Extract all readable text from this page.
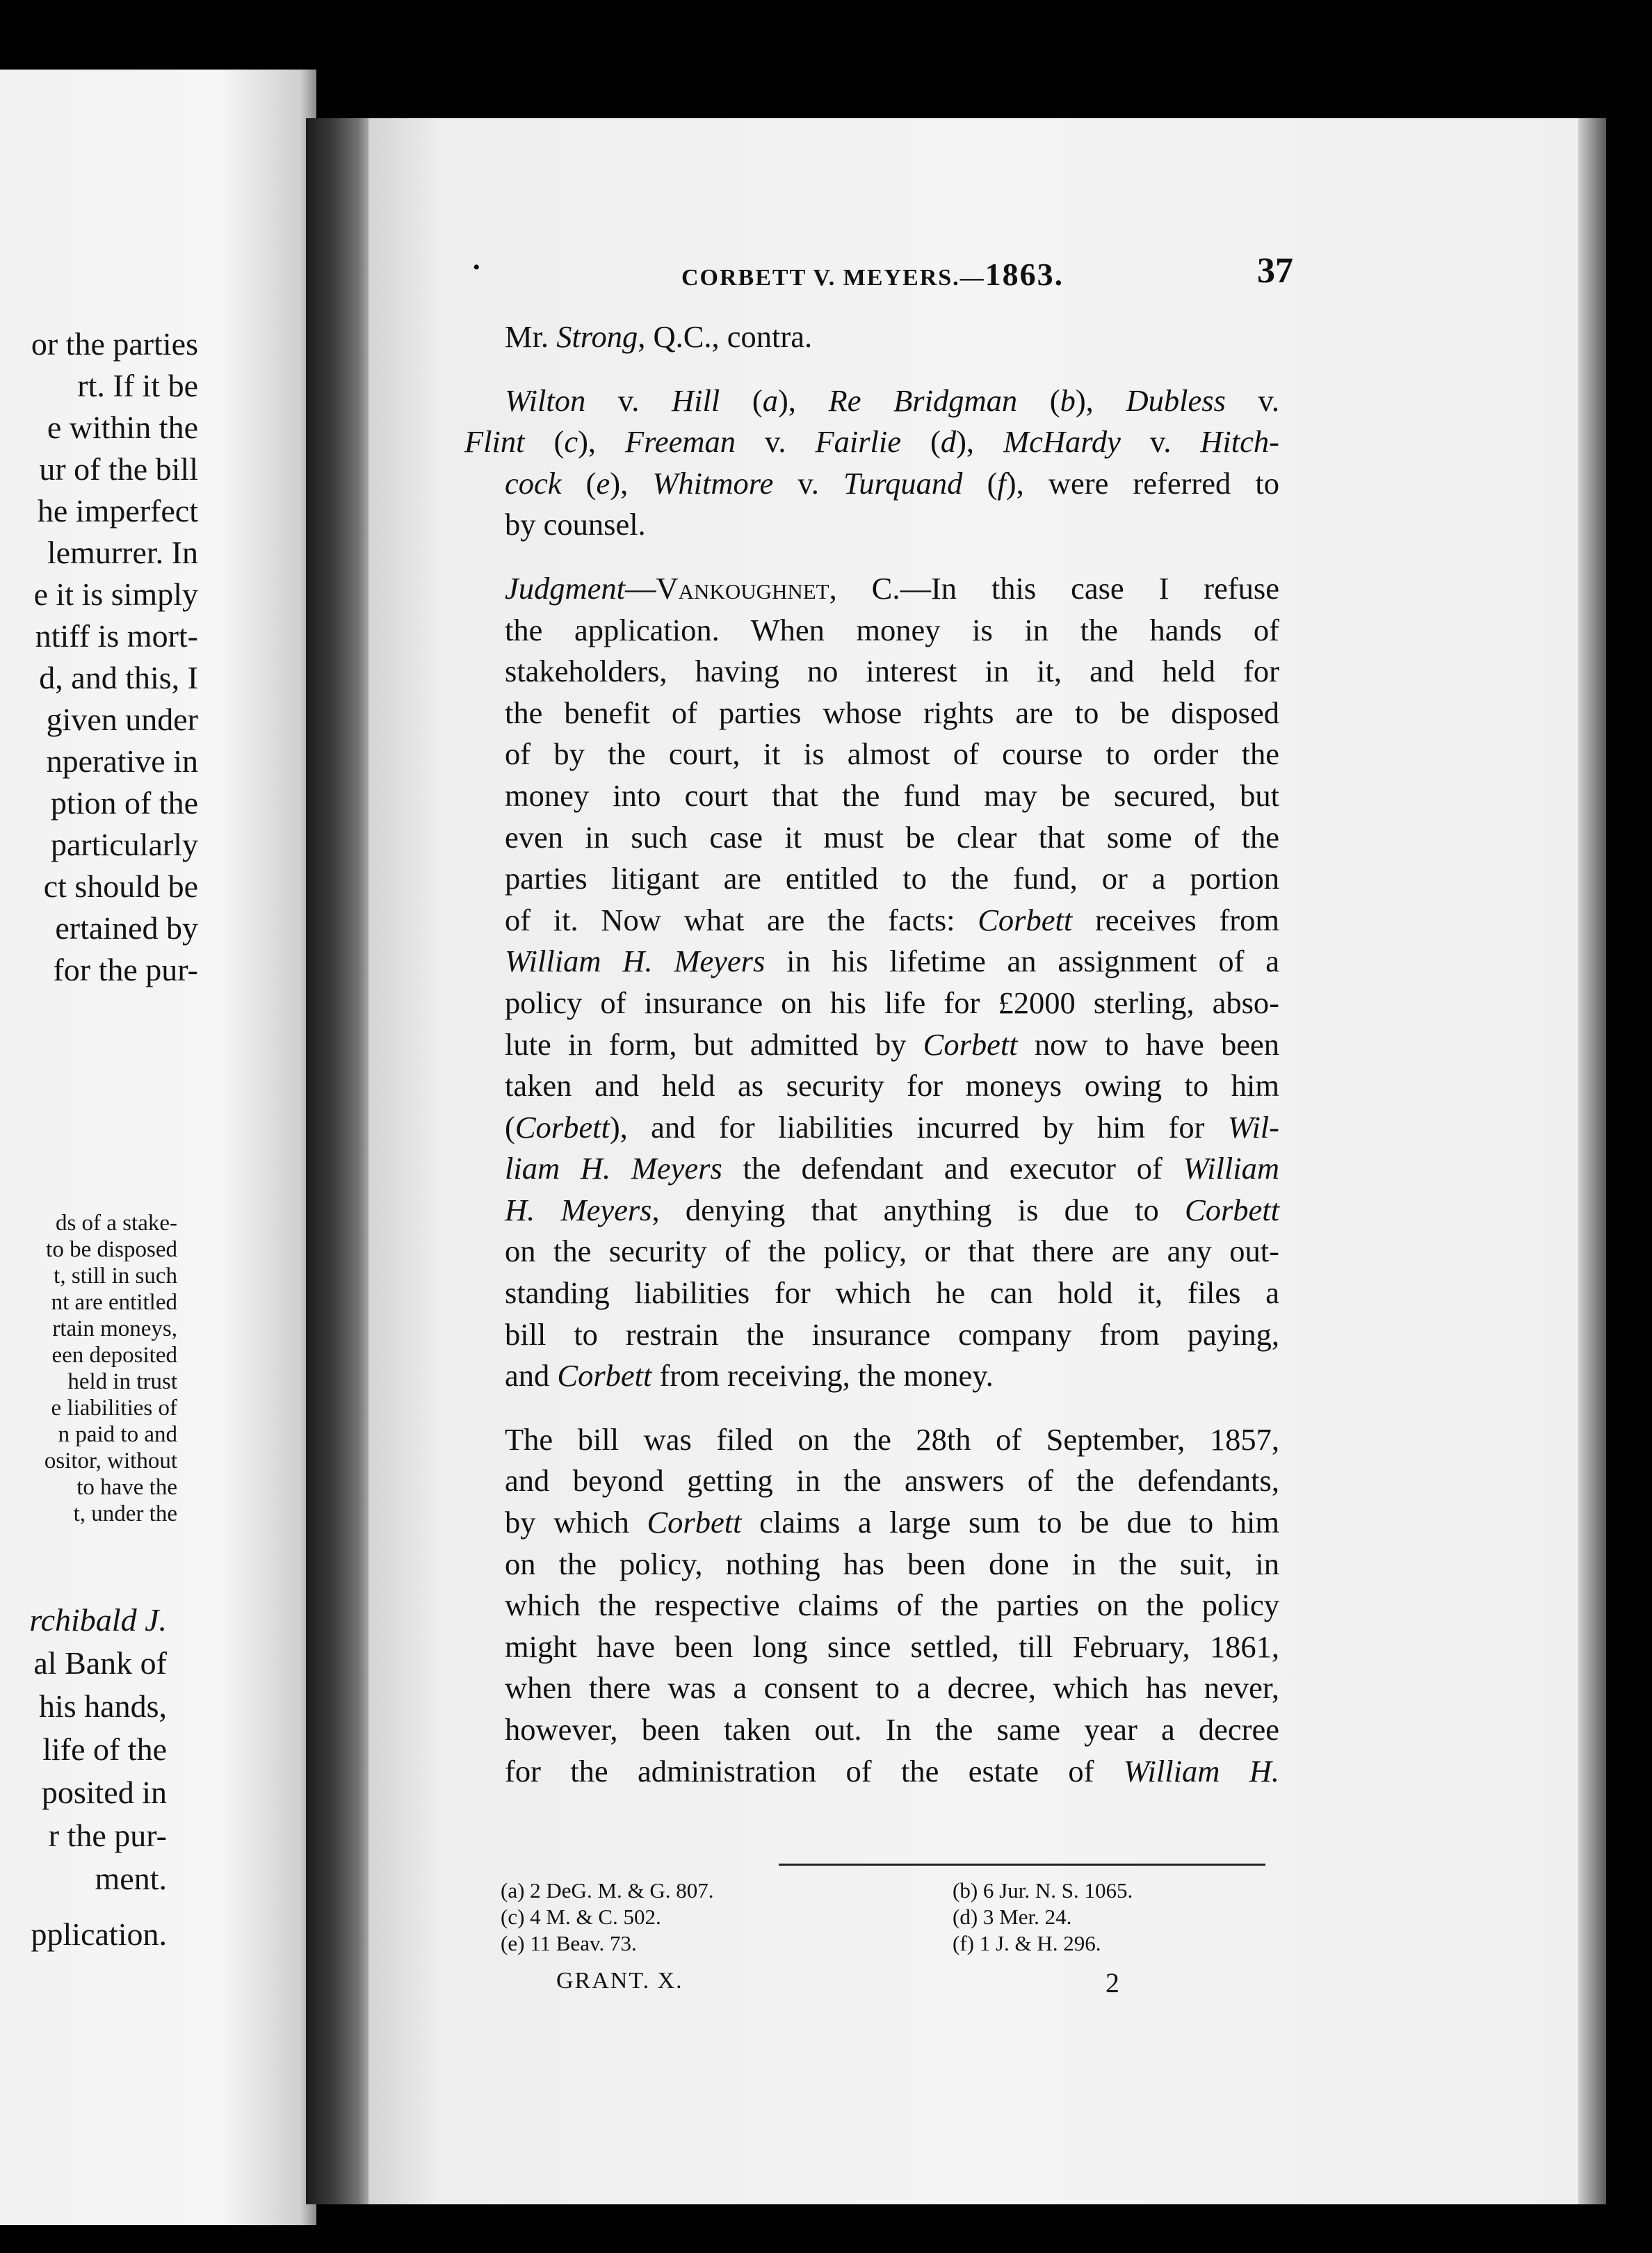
or the parties
rt. If it be
e within the
ur of the bill
he imperfect
lemurrer. In
e it is simply
ntiff is mort-
d, and this, I
given under
nperative in
ption of the
particularly
ct should be
ertained by
for the pur-
ds of a stake-
to be disposed
t, still in such
nt are entitled
rtain moneys,
een deposited
held in trust
e liabilities of
n paid to and
ositor, without
to have the
t, under the
rchibald J.
al Bank of
his hands,
life of the
posited in
r the pur-
ment.
pplication.
•	CORBETT V. MEYERS.—1863.	37

Mr. Strong, Q.C., contra.

Wilton v. Hill (a), Re Bridgman (b), Dubless v.
Flint (c), Freeman v. Fairlie (d), McHardy v. Hitch-
cock (e), Whitmore v. Turquand (f), were referred to
by counsel.

Judgment—Vankoughnet, C.—In this case I refuse
the application. When money is in the hands of
stakeholders, having no interest in it, and held for
the benefit of parties whose rights are to be disposed
of by the court, it is almost of course to order the
money into court that the fund may be secured, but
even in such case it must be clear that some of the
parties litigant are entitled to the fund, or a portion
of it. Now what are the facts: Corbett receives from
William H. Meyers in his lifetime an assignment of a
policy of insurance on his life for £2000 sterling, abso-
lute in form, but admitted by Corbett now to have been
taken and held as security for moneys owing to him
(Corbett), and for liabilities incurred by him for Wil-
liam H. Meyers the defendant and executor of William
H. Meyers, denying that anything is due to Corbett
on the security of the policy, or that there are any out-
standing liabilities for which he can hold it, files a
bill to restrain the insurance company from paying,
and Corbett from receiving, the money.

The bill was filed on the 28th of September, 1857,
and beyond getting in the answers of the defendants,
by which Corbett claims a large sum to be due to him
on the policy, nothing has been done in the suit, in
which the respective claims of the parties on the policy
might have been long since settled, till February, 1861,
when there was a consent to a decree, which has never,
however, been taken out. In the same year a decree
for the administration of the estate of William H.

(a) 2 DeG. M. & G. 807.	(b) 6 Jur. N. S. 1065.
(c) 4 M. & C. 502.	(d) 3 Mer. 24.
(e) 11 Beav. 73.	(f) 1 J. & H. 296.
GRANT. X.	2
